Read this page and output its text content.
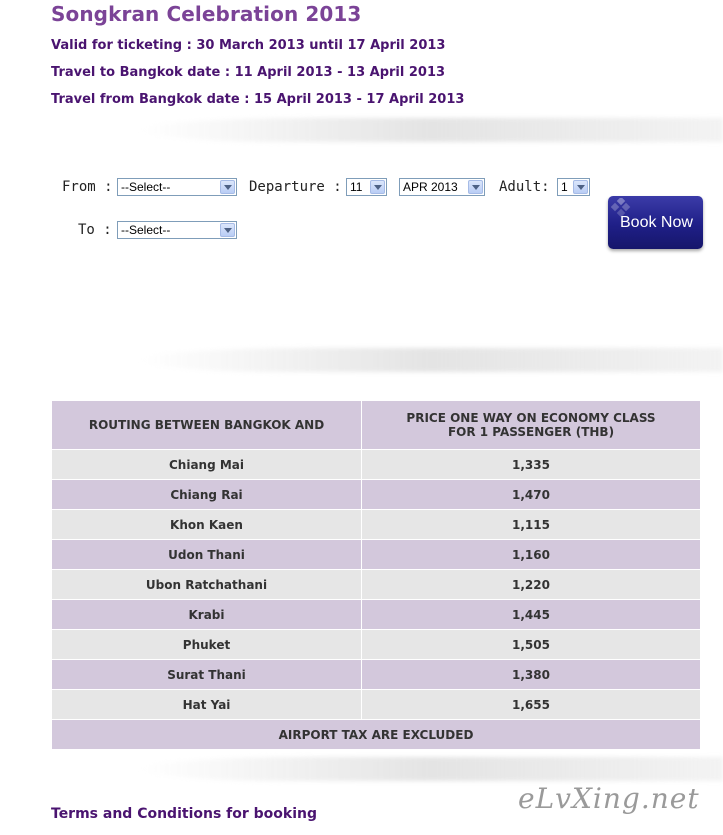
Songkran Celebration 2013
Valid for ticketing : 30 March 2013 until 17 April 2013
Travel to Bangkok date : 11 April 2013 - 13 April 2013
Travel from Bangkok date : 15 April 2013 - 17 April 2013
From : --Select--	Departure : 11	APR 2013	Adult: 1
To : --Select--	Book Now
ROUTING BETWEEN BANGKOK AND	PRICE ONE WAY ON ECONOMY CLASS
FOR 1 PASSENGER (THB)
Chiang Mai	1,335
Chiang Rai	1,470
Khon Kaen	1,115
Udon Thani	1,160
Ubon Ratchathani	1,220
Krabi	1,445
Phuket	1,505
Surat Thani	1,380
Hat Yai	1,655
AIRPORT TAX ARE EXCLUDED	
Terms and Conditions for booking	eLvXing.net
